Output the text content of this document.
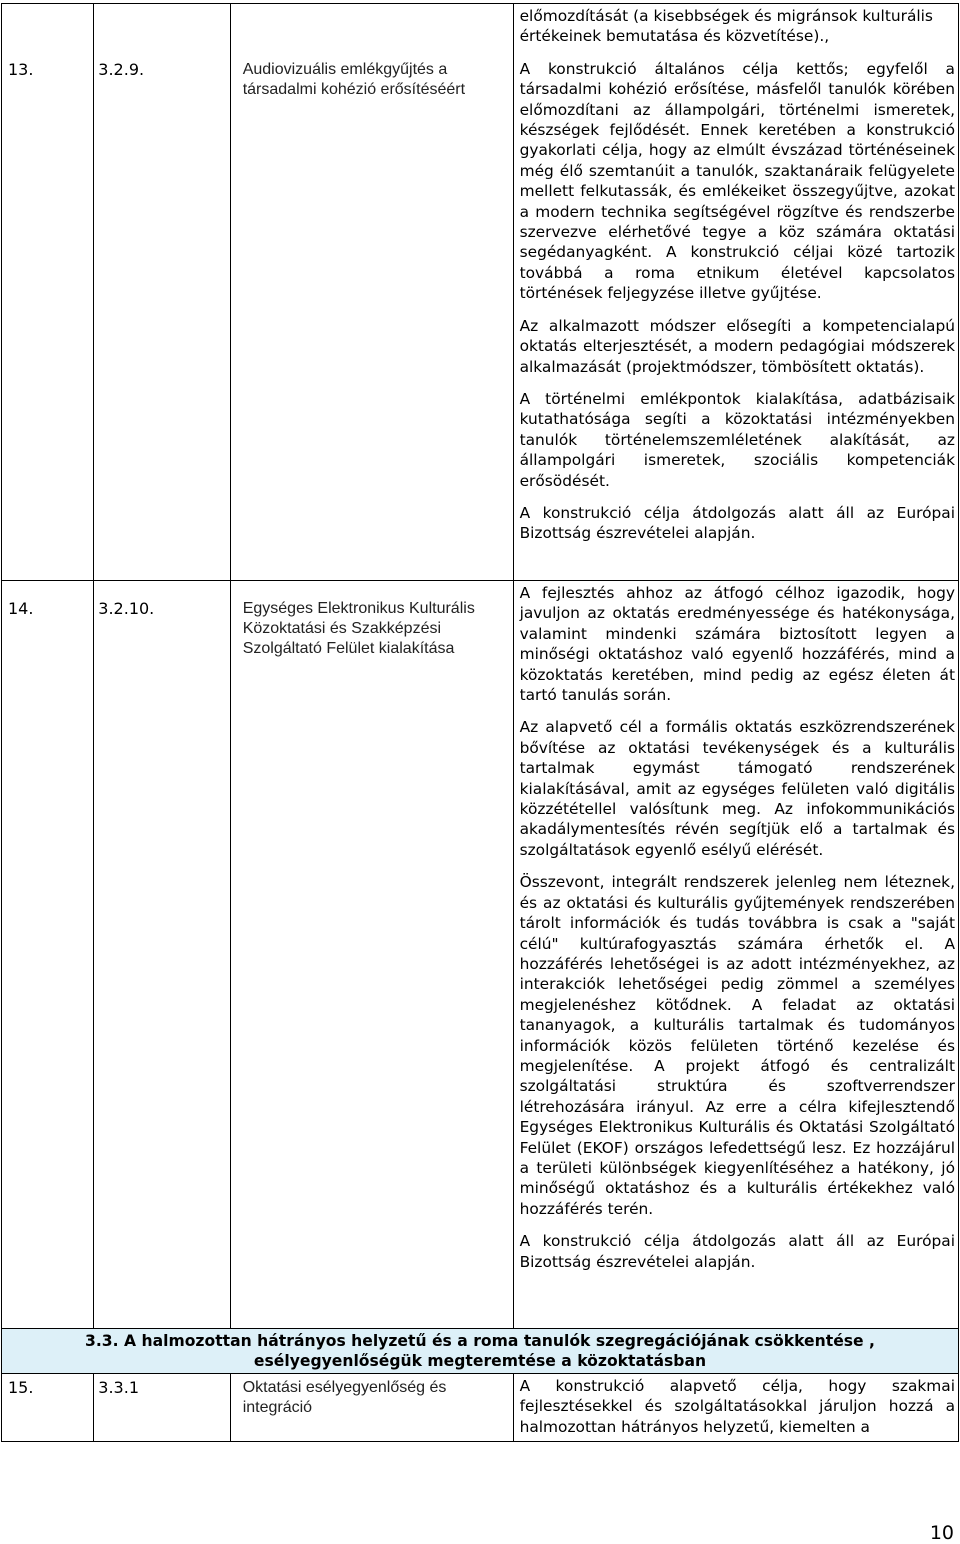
13.	3.2.9.	Audiovizuális emlékgyűjtés a társadalmi kohézió erősítéséért	előmozdítását (a kisebbségek és migránsok kulturális értékeinek bemutatása és közvetítése).,

A konstrukció általános célja kettős; egyfelől a társadalmi kohézió erősítése, másfelől tanulók körében előmozdítani az állampolgári, történelmi ismeretek, készségek fejlődését. Ennek keretében a konstrukció gyakorlati célja, hogy az elmúlt évszázad történéseinek még élő szemtanúit a tanulók, szaktanáraik felügyelete mellett felkutassák, és emlékeiket összegyűjtve, azokat a modern technika segítségével rögzítve és rendszerbe szervezve elérhetővé tegye a köz számára oktatási segédanyagként. A konstrukció céljai közé tartozik továbbá a roma etnikum életével kapcsolatos történések feljegyzése illetve gyűjtése.

Az alkalmazott módszer elősegíti a kompetencialapú oktatás elterjesztését, a modern pedagógiai módszerek alkalmazását (projektmódszer, tömbösített oktatás).

A történelmi emlékpontok kialakítása, adatbázisaik kutathatósága segíti a közoktatási intézményekben tanulók történelemszemléletének alakítását, az állampolgári ismeretek, szociális kompetenciák erősödését.

A konstrukció célja átdolgozás alatt áll az Európai Bizottság észrevételei alapján.

14.	3.2.10.	Egységes Elektronikus Kulturális Közoktatási és Szakképzési Szolgáltató Felület kialakítása	A fejlesztés ahhoz az átfogó célhoz igazodik, hogy javuljon az oktatás eredményessége és hatékonysága, valamint mindenki számára biztosított legyen a minőségi oktatáshoz való egyenlő hozzáférés, mind a közoktatás keretében, mind pedig az egész életen át tartó tanulás során.

Az alapvető cél a formális oktatás eszközrendszerének bővítése az oktatási tevékenységek és a kulturális tartalmak egymást támogató rendszerének kialakításával, amit az egységes felületen való digitális közzététellel valósítunk meg. Az infokommunikációs akadálymentesítés révén segítjük elő a tartalmak és szolgáltatások egyenlő esélyű elérését.

Összevont, integrált rendszerek jelenleg nem léteznek, és az oktatási és kulturális gyűjtemények rendszerében tárolt információk és tudás továbbra is csak a "saját célú" kultúrafogyasztás számára érhetők el. A hozzáférés lehetőségei is az adott intézményekhez, az interakciók lehetőségei pedig zömmel a személyes megjelenéshez kötődnek. A feladat az oktatási tananyagok, a kulturális tartalmak és tudományos információk közös felületen történő kezelése és megjelenítése. A projekt átfogó és centralizált szolgáltatási struktúra és szoftverrendszer létrehozására irányul. Az erre a célra kifejlesztendő Egységes Elektronikus Kulturális és Oktatási Szolgáltató Felület (EKOF) országos lefedettségű lesz. Ez hozzájárul a területi különbségek kiegyenlítéséhez a hatékony, jó minőségű oktatáshoz és a kulturális értékekhez való hozzáférés terén.

A konstrukció célja átdolgozás alatt áll az Európai Bizottság észrevételei alapján.

3.3. A halmozottan hátrányos helyzetű és a roma tanulók szegregációjának csökkentése ,
esélyegyenlőségük megteremtése a közoktatásban			

15.	3.3.1	Oktatási esélyegyenlőség és integráció	A konstrukció alapvető célja, hogy szakmai fejlesztésekkel és szolgáltatásokkal járuljon hozzá a halmozottan hátrányos helyzetű, kiemelten a

10
